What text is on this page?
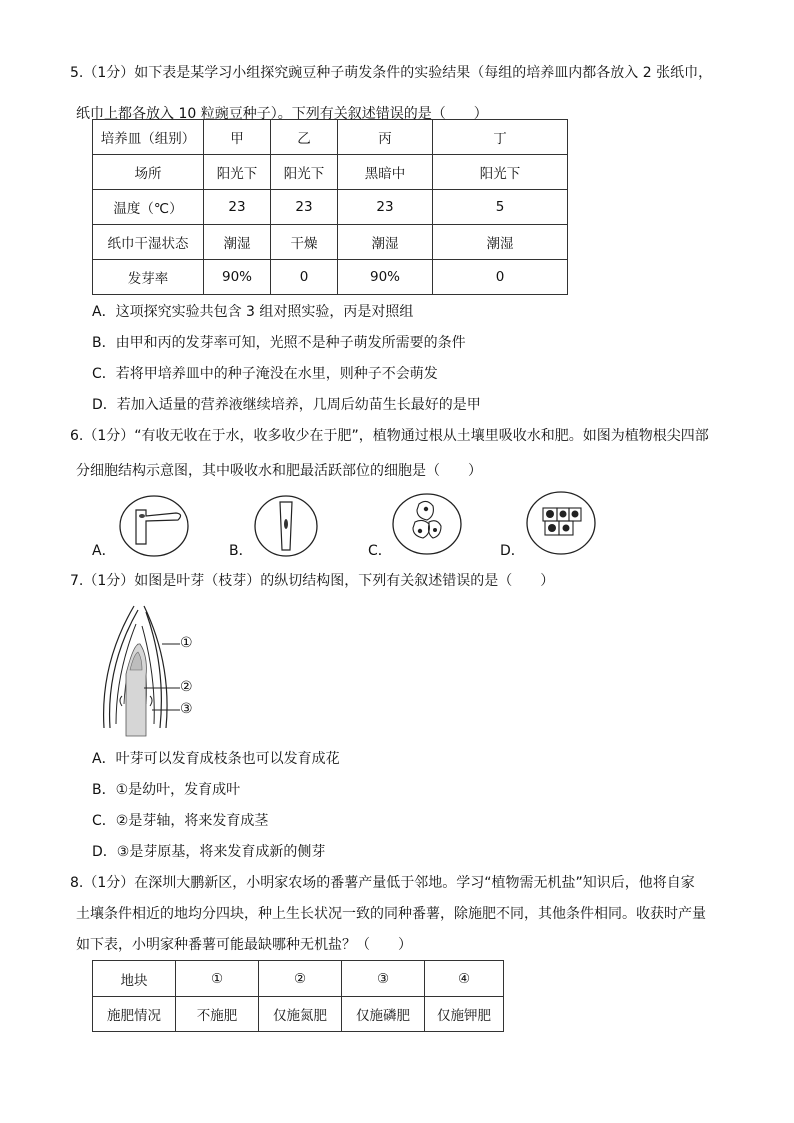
5.（1分）如下表是某学习小组探究豌豆种子萌发条件的实验结果（每组的培养皿内都各放入 2 张纸巾，
纸巾上都各放入 10 粒豌豆种子）。下列有关叙述错误的是（　　）
培养皿（组别）	甲	乙	丙	丁
场所	阳光下	阳光下	黑暗中	阳光下
温度（℃）	23	23	23	5
纸巾干湿状态	潮湿	干燥	潮湿	潮湿
发芽率	90%	0	90%	0
A．这项探究实验共包含 3 组对照实验，丙是对照组
B．由甲和丙的发芽率可知，光照不是种子萌发所需要的条件
C．若将甲培养皿中的种子淹没在水里，则种子不会萌发
D．若加入适量的营养液继续培养，几周后幼苗生长最好的是甲
6.（1分）“有收无收在于水，收多收少在于肥”，植物通过根从土壤里吸收水和肥。如图为植物根尖四部
分细胞结构示意图，其中吸收水和肥最活跃部位的细胞是（　　）
A．	B．	C．	D．
7.（1分）如图是叶芽（枝芽）的纵切结构图，下列有关叙述错误的是（　　）
①
②
③
A．叶芽可以发育成枝条也可以发育成花
B．①是幼叶，发育成叶
C．②是芽轴，将来发育成茎
D．③是芽原基，将来发育成新的侧芽
8.（1分）在深圳大鹏新区，小明家农场的番薯产量低于邻地。学习“植物需无机盐”知识后，他将自家
土壤条件相近的地均分四块，种上生长状况一致的同种番薯，除施肥不同，其他条件相同。收获时产量
如下表，小明家种番薯可能最缺哪种无机盐？（　　）
地块	①	②	③	④
施肥情况	不施肥	仅施氮肥	仅施磷肥	仅施钾肥
